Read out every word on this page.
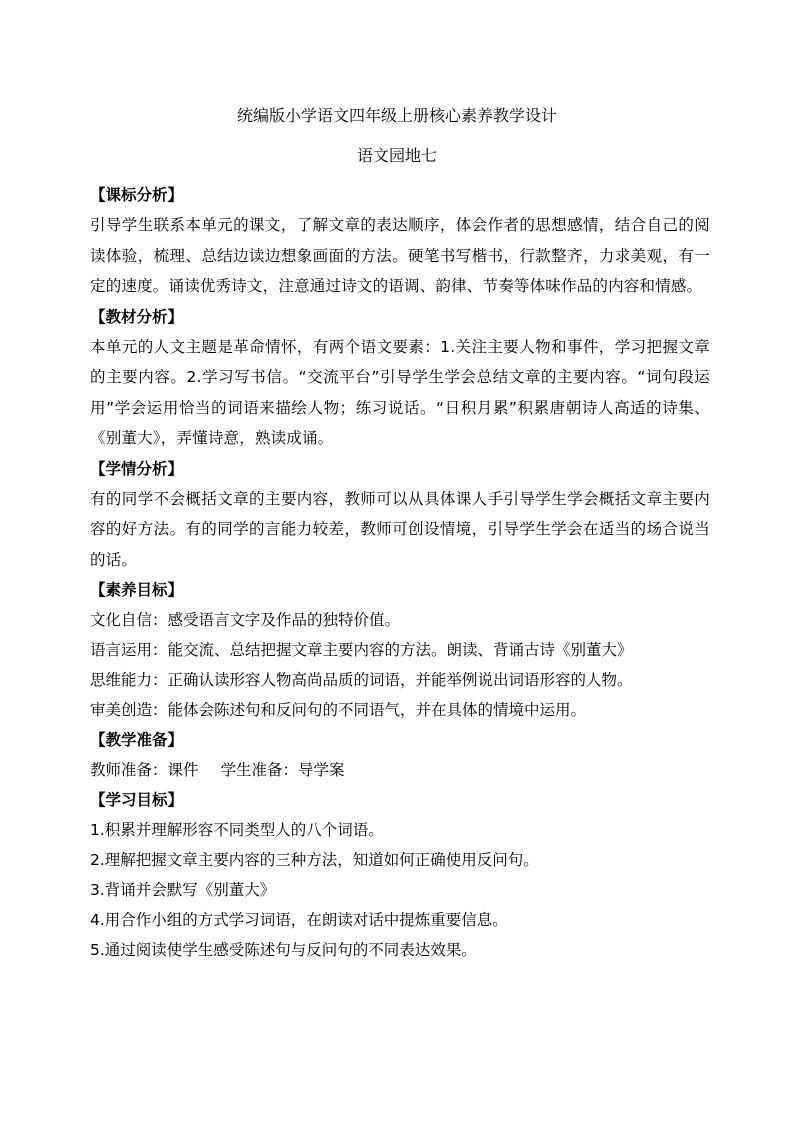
统编版小学语文四年级上册核心素养教学设计
语文园地七
【课标分析】
引导学生联系本单元的课文，了解文章的表达顺序，体会作者的思想感情，结合自己的阅读体验，梳理、总结边读边想象画面的方法。硬笔书写楷书，行款整齐，力求美观，有一定的速度。诵读优秀诗文，注意通过诗文的语调、韵律、节奏等体味作品的内容和情感。
【教材分析】
本单元的人文主题是革命情怀，有两个语文要素：1.关注主要人物和事件，学习把握文章的主要内容。2.学习写书信。“交流平台”引导学生学会总结文章的主要内容。“词句段运用”学会运用恰当的词语来描绘人物；练习说话。“日积月累”积累唐朝诗人高适的诗集、《别董大》，弄懂诗意，熟读成诵。
【学情分析】
有的同学不会概括文章的主要内容，教师可以从具体课人手引导学生学会概括文章主要内容的好方法。有的同学的言能力较差，教师可创设情境，引导学生学会在适当的场合说当的话。
【素养目标】
文化自信：感受语言文字及作品的独特价值。
语言运用：能交流、总结把握文章主要内容的方法。朗读、背诵古诗《别董大》
思维能力：正确认读形容人物高尚品质的词语，并能举例说出词语形容的人物。
审美创造：能体会陈述句和反问句的不同语气，并在具体的情境中运用。
【教学准备】
教师准备：课件 学生准备：导学案
【学习目标】
1.积累并理解形容不同类型人的八个词语。
2.理解把握文章主要内容的三种方法，知道如何正确使用反问句。
3.背诵并会默写《别董大》
4.用合作小组的方式学习词语，在朗读对话中提炼重要信息。
5.通过阅读使学生感受陈述句与反问句的不同表达效果。
